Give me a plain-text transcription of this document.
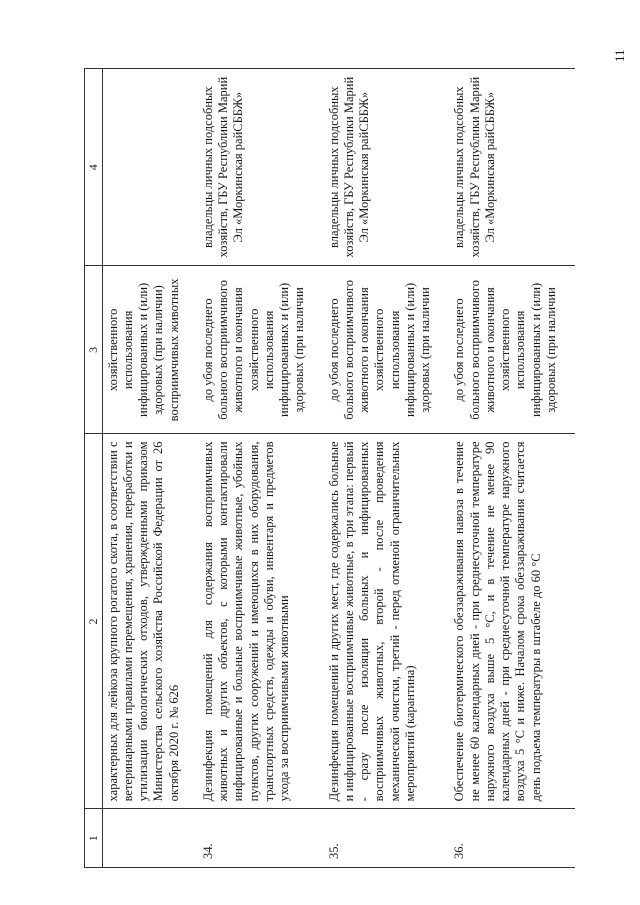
11
1	2	3	4
	характерных для лейкоза крупного рогатого скота, в соответствии с ветеринарными правилами перемещения, хранения, переработки и утилизации биологических отходов, утвержденными приказом Министерства сельского хозяйства Российской Федерации от 26 октября 2020 г. № 626	хозяйственного использования инфицированных и (или) здоровых (при наличии) восприимчивых животных	
34.	Дезинфекция помещений для содержания восприимчивых животных и других объектов, с которыми контактировали инфицированные и больные восприимчивые животные, убойных пунктов, других сооружений и имеющихся в них оборудования, транспортных средств, одежды и обуви, инвентаря и предметов ухода за восприимчивыми животными	до убоя последнего больного восприимчивого животного и окончания хозяйственного использования инфицированных и (или) здоровых (при наличии	владельцы личных подсобных хозяйств, ГБУ Республики Марий Эл «Моркинская райСББЖ»
35.	Дезинфекция помещений и других мест, где содержались больные и инфицированные восприимчивые животные, в три этапа: первый - сразу после изоляции больных и инфицированных восприимчивых животных, второй - после проведения механической очистки, третий - перед отменой ограничительных мероприятий (карантина)	до убоя последнего больного восприимчивого животного и окончания хозяйственного использования инфицированных и (или) здоровых (при наличии	владельцы личных подсобных хозяйств, ГБУ Республики Марий Эл «Моркинская райСББЖ»
36.	Обеспечение биотермического обеззараживания навоза в течение не менее 60 календарных дней - при среднесуточной температуре наружного воздуха выше 5 °С, и в течение не менее 90 календарных дней - при среднесуточной температуре наружного воздуха 5 °С и ниже. Началом срока обеззараживания считается день подъема температуры в штабеле до 60 °С	до убоя последнего больного восприимчивого животного и окончания хозяйственного использования инфицированных и (или) здоровых (при наличии	владельцы личных подсобных хозяйств, ГБУ Республики Марий Эл «Моркинская райСББЖ»
